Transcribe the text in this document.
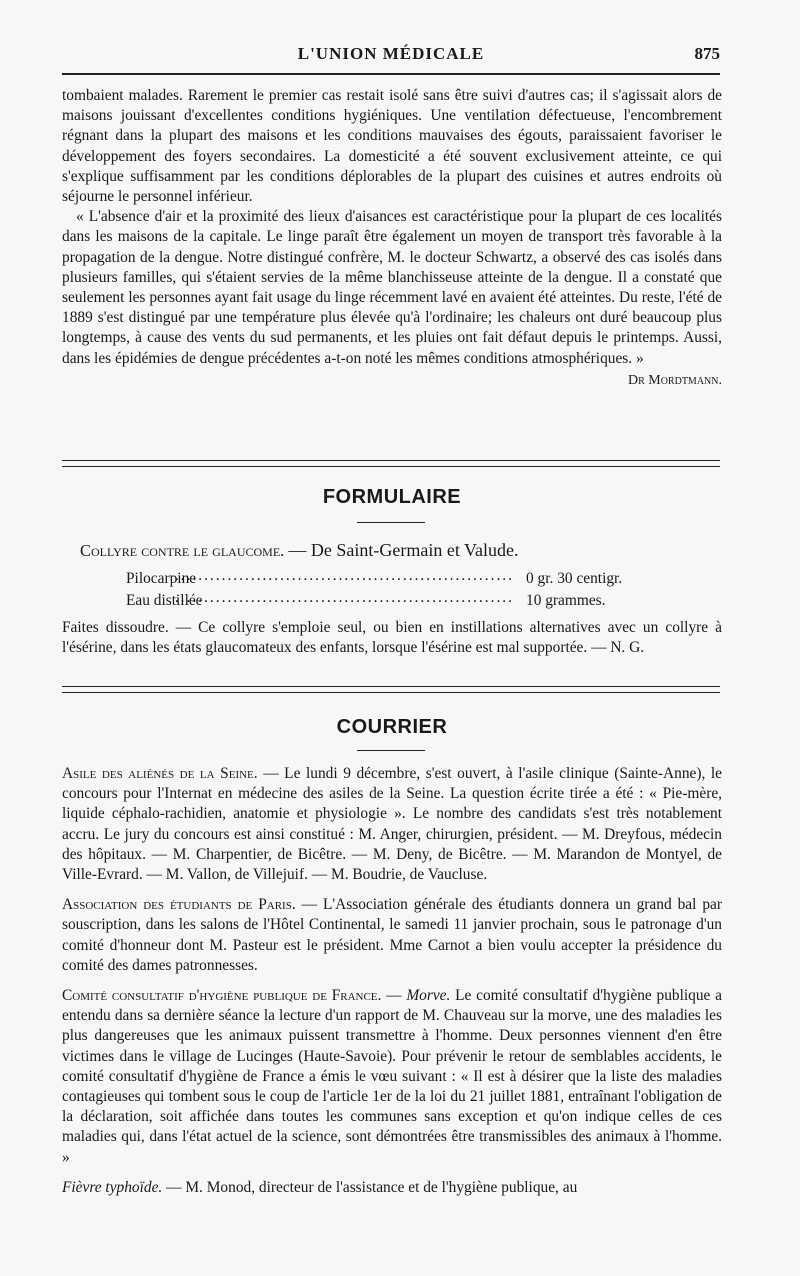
L'UNION MÉDICALE	875

tombaient malades. Rarement le premier cas restait isolé sans être suivi d'autres cas; il s'agissait alors de maisons jouissant d'excellentes conditions hygiéniques. Une ventilation défectueuse, l'encombrement régnant dans la plupart des maisons et les conditions mauvaises des égouts, paraissaient favoriser le développement des foyers secondaires. La domesticité a été souvent exclusivement atteinte, ce qui s'explique suffisamment par les conditions déplorables de la plupart des cuisines et autres endroits où séjourne le personnel inférieur.

« L'absence d'air et la proximité des lieux d'aisances est caractéristique pour la plupart de ces localités dans les maisons de la capitale. Le linge paraît être également un moyen de transport très favorable à la propagation de la dengue. Notre distingué confrère, M. le docteur Schwartz, a observé des cas isolés dans plusieurs familles, qui s'étaient servies de la même blanchisseuse atteinte de la dengue. Il a constaté que seulement les personnes ayant fait usage du linge récemment lavé en avaient été atteintes. Du reste, l'été de 1889 s'est distingué par une température plus élevée qu'à l'ordinaire; les chaleurs ont duré beaucoup plus longtemps, à cause des vents du sud permanents, et les pluies ont fait défaut depuis le printemps. Aussi, dans les épidémies de dengue précédentes a-t-on noté les mêmes conditions atmosphériques. »

Dr Mordtmann.
FORMULAIRE
Collyre contre le glaucome. — De Saint-Germain et Valude.
Pilocarpine
.......................................................... 0 gr. 30 centigr.
Eau distillée
.......................................................... 10 grammes.

Faites dissoudre. — Ce collyre s'emploie seul, ou bien en instillations alternatives avec un collyre à l'ésérine, dans les états glaucomateux des enfants, lorsque l'ésérine est mal supportée. — N. G.

COURRIER

Asile des aliénés de la Seine. — Le lundi 9 décembre, s'est ouvert, à l'asile clinique (Sainte-Anne), le concours pour l'Internat en médecine des asiles de la Seine. La question écrite tirée a été : « Pie-mère, liquide céphalo-rachidien, anatomie et physiologie ». Le nombre des candidats s'est très notablement accru. Le jury du concours est ainsi constitué : M. Anger, chirurgien, président. — M. Dreyfous, médecin des hôpitaux. — M. Charpentier, de Bicêtre. — M. Deny, de Bicêtre. — M. Marandon de Montyel, de Ville-Evrard. — M. Vallon, de Villejuif. — M. Boudrie, de Vaucluse.

Association des étudiants de Paris. — L'Association générale des étudiants donnera un grand bal par souscription, dans les salons de l'Hôtel Continental, le samedi 11 janvier prochain, sous le patronage d'un comité d'honneur dont M. Pasteur est le président. Mme Carnot a bien voulu accepter la présidence du comité des dames patronnesses.

Comité consultatif d'hygiène publique de France. — Morve. Le comité consultatif d'hygiène publique a entendu dans sa dernière séance la lecture d'un rapport de M. Chauveau sur la morve, une des maladies les plus dangereuses que les animaux puissent transmettre à l'homme. Deux personnes viennent d'en être victimes dans le village de Lucinges (Haute-Savoie). Pour prévenir le retour de semblables accidents, le comité consultatif d'hygiène de France a émis le vœu suivant : « Il est à désirer que la liste des maladies contagieuses qui tombent sous le coup de l'article 1er de la loi du 21 juillet 1881, entraînant l'obligation de la déclaration, soit affichée dans toutes les communes sans exception et qu'on indique celles de ces maladies qui, dans l'état actuel de la science, sont démontrées être transmissibles des animaux à l'homme. »

Fièvre typhoïde. — M. Monod, directeur de l'assistance et de l'hygiène publique, au
